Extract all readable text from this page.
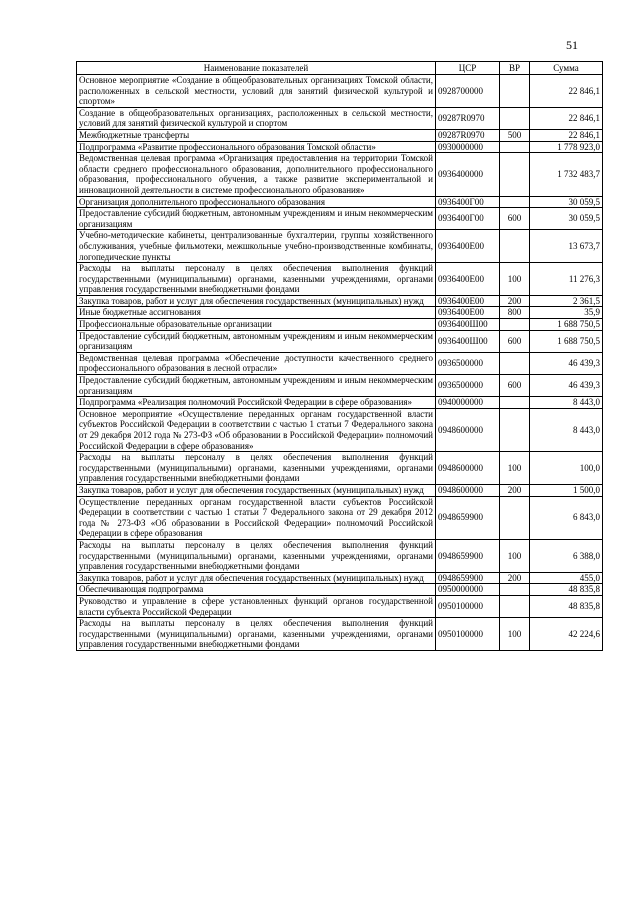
51
Наименование показателей	ЦСР	ВР	Сумма
Основное мероприятие «Создание в общеобразовательных организациях Томской области, расположенных в сельской местности, условий для занятий физической культурой и спортом»	0928700000		22 846,1
Создание в общеобразовательных организациях, расположенных в сельской местности, условий для занятий физической культурой и спортом	09287R0970		22 846,1
Межбюджетные трансферты	09287R0970	500	22 846,1
Подпрограмма «Развитие профессионального образования Томской области»	0930000000		1 778 923,0
Ведомственная целевая программа «Организация предоставления на территории Томской области среднего профессионального образования, дополнительного профессионального образования, профессионального обучения, а также развитие экспериментальной и инновационной деятельности в системе профессионального образования»	0936400000		1 732 483,7
Организация дополнительного профессионального образования	0936400Г00		30 059,5
Предоставление субсидий бюджетным, автономным учреждениям и иным некоммерческим организациям	0936400Г00	600	30 059,5
Учебно-методические кабинеты, централизованные бухгалтерии, группы хозяйственного обслуживания, учебные фильмотеки, межшкольные учебно-производственные комбинаты, логопедические пункты	0936400Е00		13 673,7
Расходы на выплаты персоналу в целях обеспечения выполнения функций государственными (муниципальными) органами, казенными учреждениями, органами управления государственными внебюджетными фондами	0936400Е00	100	11 276,3
Закупка товаров, работ и услуг для обеспечения государственных (муниципальных) нужд	0936400Е00	200	2 361,5
Иные бюджетные ассигнования	0936400Е00	800	35,9
Профессиональные образовательные организации	0936400Ш00		1 688 750,5
Предоставление субсидий бюджетным, автономным учреждениям и иным некоммерческим организациям	0936400Ш00	600	1 688 750,5
Ведомственная целевая программа «Обеспечение доступности качественного среднего профессионального образования в лесной отрасли»	0936500000		46 439,3
Предоставление субсидий бюджетным, автономным учреждениям и иным некоммерческим организациям	0936500000	600	46 439,3
Подпрограмма «Реализация полномочий Российской Федерации в сфере образования»	0940000000		8 443,0
Основное мероприятие «Осуществление переданных органам государственной власти субъектов Российской Федерации в соответствии с частью 1 статьи 7 Федерального закона от 29 декабря 2012 года № 273-ФЗ «Об образовании в Российской Федерации» полномочий Российской Федерации в сфере образования»	0948600000		8 443,0
Расходы на выплаты персоналу в целях обеспечения выполнения функций государственными (муниципальными) органами, казенными учреждениями, органами управления государственными внебюджетными фондами	0948600000	100	100,0
Закупка товаров, работ и услуг для обеспечения государственных (муниципальных) нужд	0948600000	200	1 500,0
Осуществление переданных органам государственной власти субъектов Российской Федерации в соответствии с частью 1 статьи 7 Федерального закона от 29 декабря 2012 года № 273-ФЗ «Об образовании в Российской Федерации» полномочий Российской Федерации в сфере образования	0948659900		6 843,0
Расходы на выплаты персоналу в целях обеспечения выполнения функций государственными (муниципальными) органами, казенными учреждениями, органами управления государственными внебюджетными фондами	0948659900	100	6 388,0
Закупка товаров, работ и услуг для обеспечения государственных (муниципальных) нужд	0948659900	200	455,0
Обеспечивающая подпрограмма	0950000000		48 835,8
Руководство и управление в сфере установленных функций органов государственной власти субъекта Российской Федерации	0950100000		48 835,8
Расходы на выплаты персоналу в целях обеспечения выполнения функций государственными (муниципальными) органами, казенными учреждениями, органами управления государственными внебюджетными фондами	0950100000	100	42 224,6
